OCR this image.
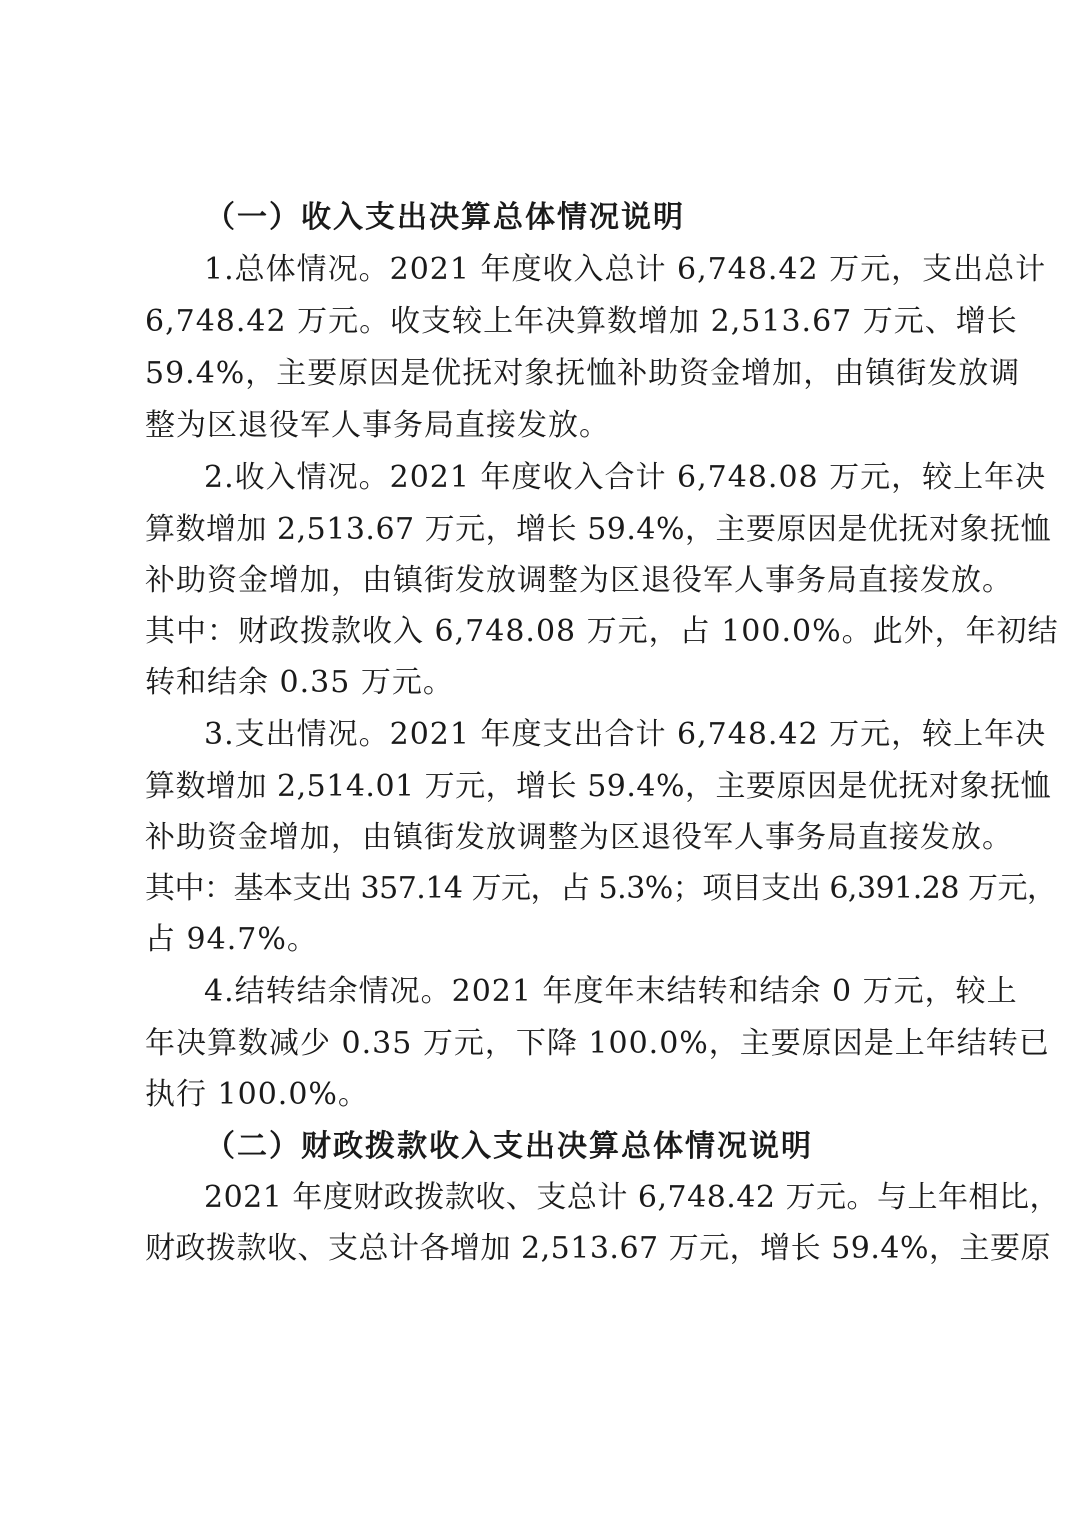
（一）收入支出决算总体情况说明
1.总体情况。2021 年度收入总计 6,748.42 万元，支出总计
6,748.42 万元。收支较上年决算数增加 2,513.67 万元、增长
59.4%，主要原因是优抚对象抚恤补助资金增加，由镇街发放调
整为区退役军人事务局直接发放。
2.收入情况。2021 年度收入合计 6,748.08 万元，较上年决
算数增加 2,513.67 万元，增长 59.4%，主要原因是优抚对象抚恤
补助资金增加，由镇街发放调整为区退役军人事务局直接发放。
其中：财政拨款收入 6,748.08 万元，占 100.0%。此外，年初结
转和结余 0.35 万元。
3.支出情况。2021 年度支出合计 6,748.42 万元，较上年决
算数增加 2,514.01 万元，增长 59.4%，主要原因是优抚对象抚恤
补助资金增加，由镇街发放调整为区退役军人事务局直接发放。
其中：基本支出 357.14 万元，占 5.3%；项目支出 6,391.28 万元，
占 94.7%。
4.结转结余情况。2021 年度年末结转和结余 0 万元，较上
年决算数减少 0.35 万元，下降 100.0%，主要原因是上年结转已
执行 100.0%。
（二）财政拨款收入支出决算总体情况说明
2021 年度财政拨款收、支总计 6,748.42 万元。与上年相比，
财政拨款收、支总计各增加 2,513.67 万元，增长 59.4%，主要原
